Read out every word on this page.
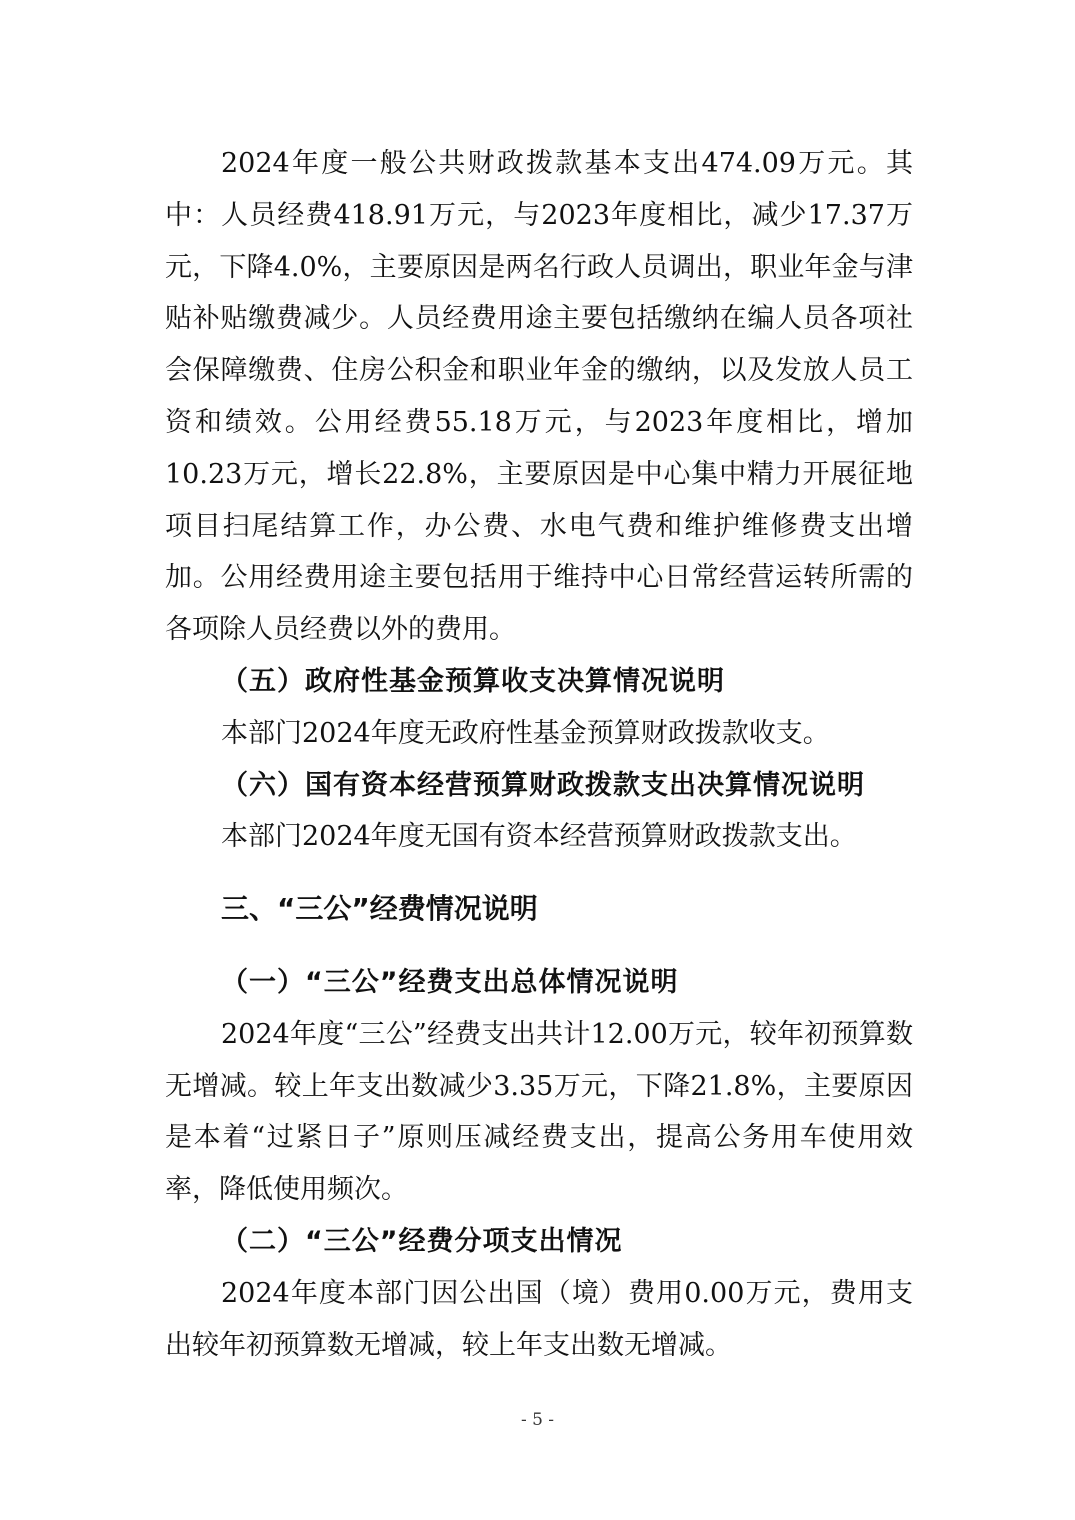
2024年度一般公共财政拨款基本支出474.09万元。其中：人员经费418.91万元，与2023年度相比，减少17.37万元，下降4.0%，主要原因是两名行政人员调出，职业年金与津贴补贴缴费减少。人员经费用途主要包括缴纳在编人员各项社会保障缴费、住房公积金和职业年金的缴纳，以及发放人员工资和绩效。公用经费55.18万元，与2023年度相比，增加10.23万元，增长22.8%，主要原因是中心集中精力开展征地项目扫尾结算工作，办公费、水电气费和维护维修费支出增加。公用经费用途主要包括用于维持中心日常经营运转所需的各项除人员经费以外的费用。

（五）政府性基金预算收支决算情况说明

本部门2024年度无政府性基金预算财政拨款收支。

（六）国有资本经营预算财政拨款支出决算情况说明

本部门2024年度无国有资本经营预算财政拨款支出。

三、“三公”经费情况说明

（一）“三公”经费支出总体情况说明

2024年度“三公”经费支出共计12.00万元，较年初预算数无增减。较上年支出数减少3.35万元，下降21.8%，主要原因是本着“过紧日子”原则压减经费支出，提高公务用车使用效率，降低使用频次。

（二）“三公”经费分项支出情况

2024年度本部门因公出国（境）费用0.00万元，费用支出较年初预算数无增减，较上年支出数无增减。

- 5 -
